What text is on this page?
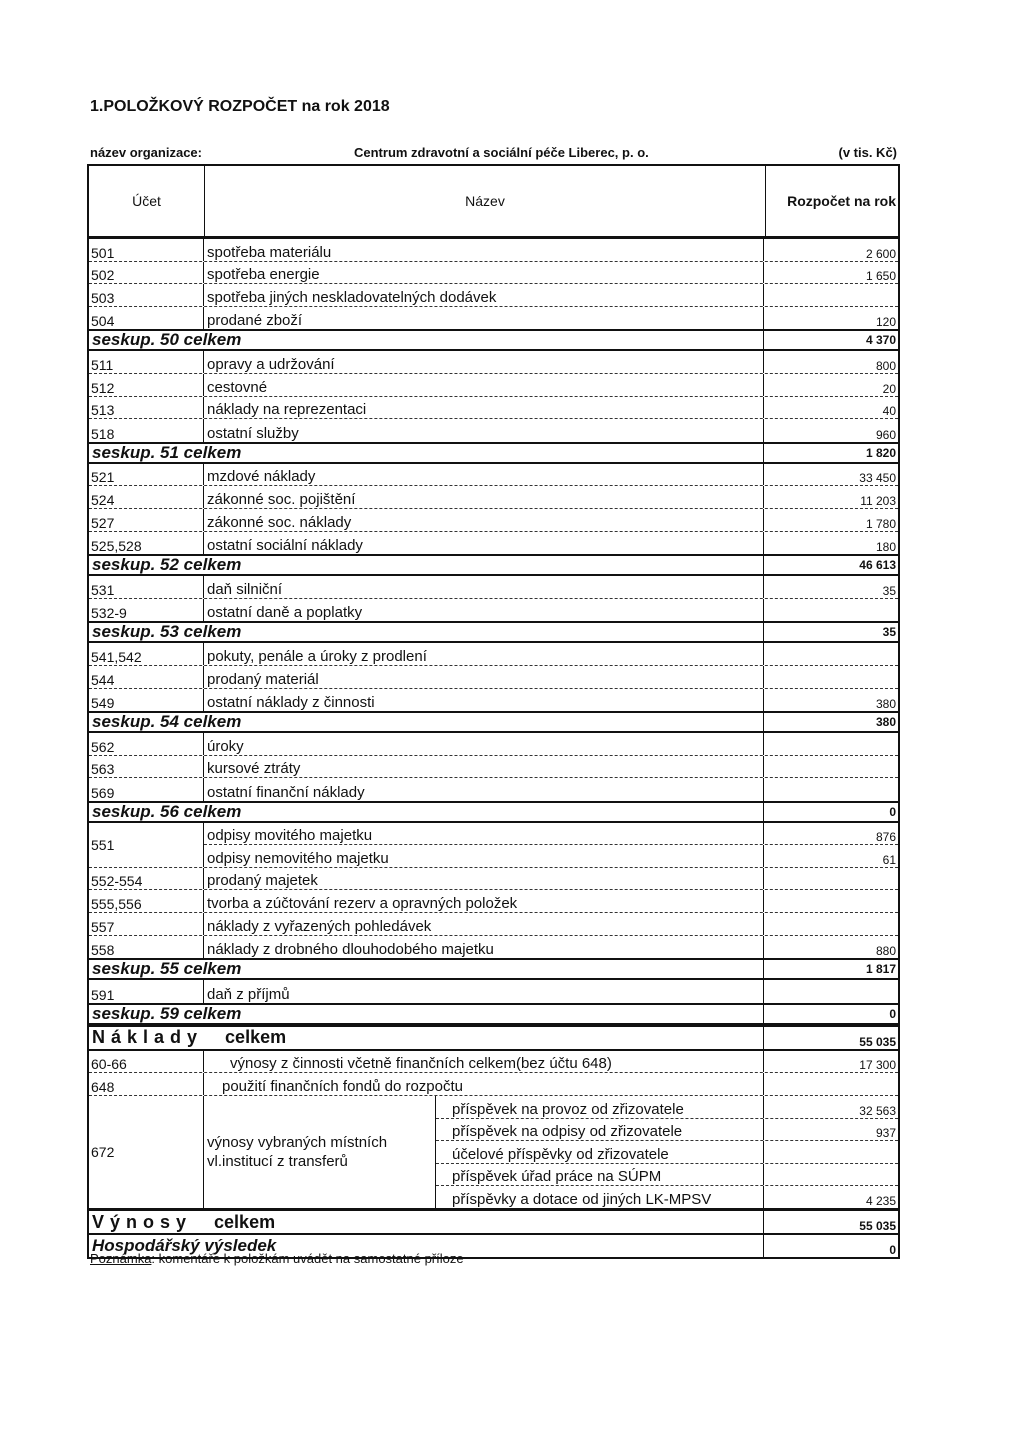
1.POLOŽKOVÝ ROZPOČET na rok 2018
název organizace:	Centrum zdravotní a sociální péče Liberec, p. o.	(v tis. Kč)
Účet	Název	Rozpočet na rok
501	spotřeba materiálu	2 600
502	spotřeba energie	1 650
503	spotřeba jiných neskladovatelných dodávek
504	prodané zboží	120
seskup. 50 celkem	4 370
511	opravy a udržování	800
512	cestovné	20
513	náklady na reprezentaci	40
518	ostatní služby	960
seskup. 51 celkem	1 820
521	mzdové náklady	33 450
524	zákonné soc. pojištění	11 203
527	zákonné soc. náklady	1 780
525,528	ostatní sociální náklady	180
seskup. 52 celkem	46 613
531	daň silniční	35
532-9	ostatní daně a poplatky
seskup. 53 celkem	35
541,542	pokuty, penále a úroky z prodlení
544	prodaný materiál
549	ostatní náklady z činnosti	380
seskup. 54 celkem	380
562	úroky
563	kursové ztráty
569	ostatní finanční náklady
seskup. 56 celkem	0
551
odpisy movitého majetku	876
odpisy nemovitého majetku	61
552-554	prodaný majetek
555,556	tvorba a zúčtování rezerv a opravných položek
557	náklady z vyřazených pohledávek
558	náklady z drobného dlouhodobého majetku	880
seskup. 55 celkem	1 817
591	daň z příjmů
seskup. 59 celkem	0
Náklady celkem	55 035
60-66	výnosy z činnosti včetně finančních celkem(bez účtu 648)	17 300
648	použití finančních fondů do rozpočtu
672
výnosy vybraných místních vl.institucí z transferů
příspěvek na provoz od zřizovatele	32 563
příspěvek na odpisy od zřizovatele	937
účelové příspěvky od zřizovatele
příspěvek úřad práce na SÚPM
příspěvky a dotace od jiných LK-MPSV	4 235
Výnosy celkem	55 035
Hospodářský výsledek	0
Poznámka: komentáře k položkám uvádět na samostatné příloze
